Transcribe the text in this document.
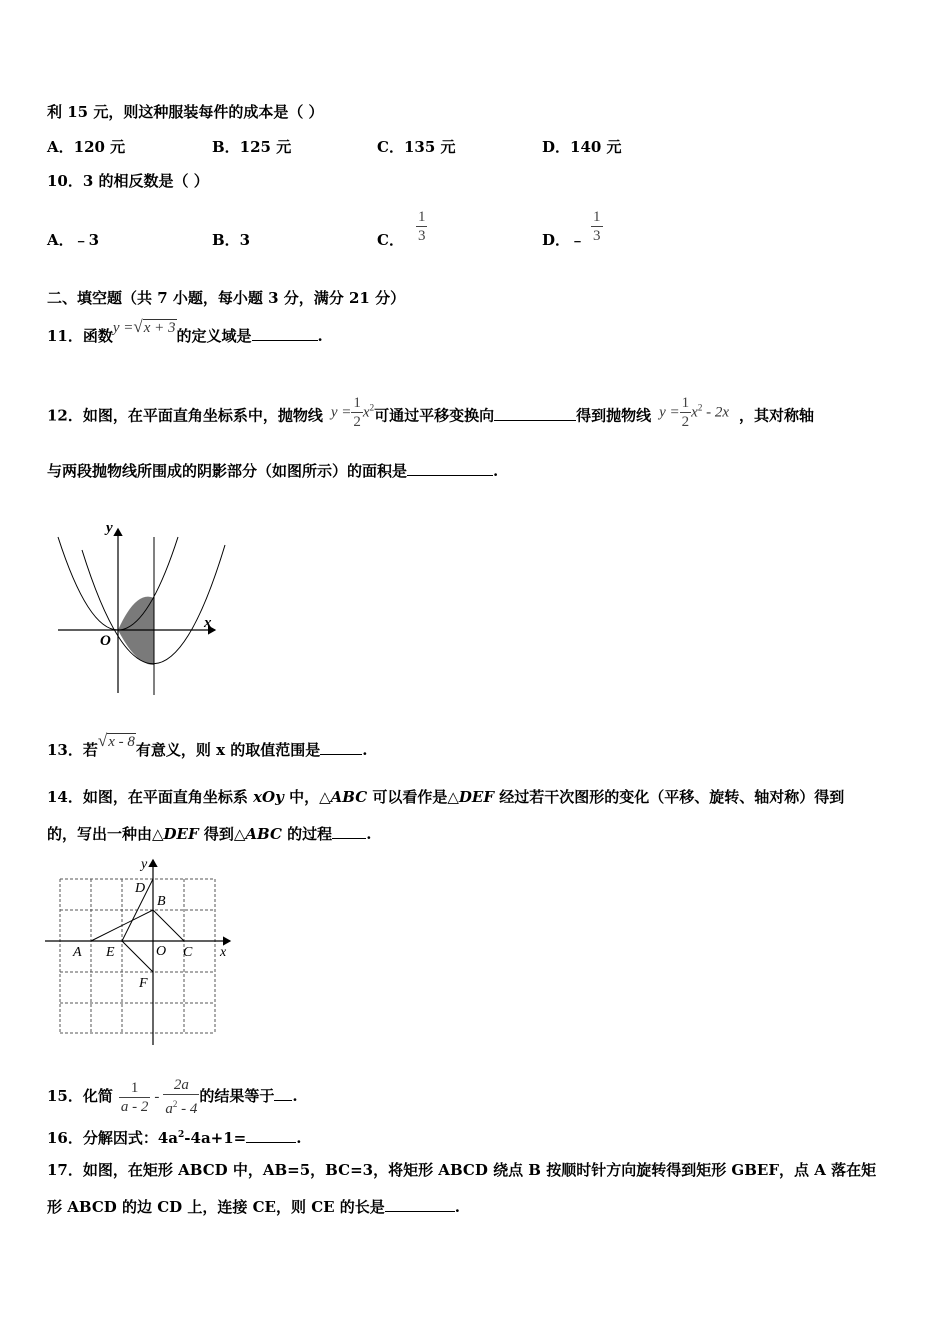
利 15 元，则这种服装每件的成本是（ ）
A．120 元	B．125 元	C．135 元	D．140 元
10．3 的相反数是（ ）
A．﹣3	B．3	C． $\frac{1}{3}$	D．﹣ $\frac{1}{3}$
二、填空题（共 7 小题，每小题 3 分，满分 21 分）
11．函数y =√x + 3的定义域是	.
12．如图，在平面直角坐标系中，抛物线 $y = \frac{1}{2} x^2$可通过平移变换向	得到抛物线 $y = \frac{1}{2} x^2 - 2x$ ，其对称轴
与两段抛物线所围成的阴影部分（如图所示）的面积是	.
y
x
O
13．若√x - 8有意义，则 x 的取值范围是	.
14．如图，在平面直角坐标系 xOy 中，△ABC 可以看作是△DEF 经过若干次图形的变化（平移、旋转、轴对称）得到
的，写出一种由△DEF 得到△ABC 的过程 .
y
x
D
B
A E	O C
F
15．化简 $\frac{1}{a - 2} - \frac{2a}{a^2 - 4}$ 的结果等于 .
16．分解因式：$4a^2-4a+1=$	.
17．如图，在矩形 ABCD 中，AB=5，BC=3，将矩形 ABCD 绕点 B 按顺时针方向旋转得到矩形 GBEF，点 A 落在矩
形 ABCD 的边 CD 上，连接 CE，则 CE 的长是	.
